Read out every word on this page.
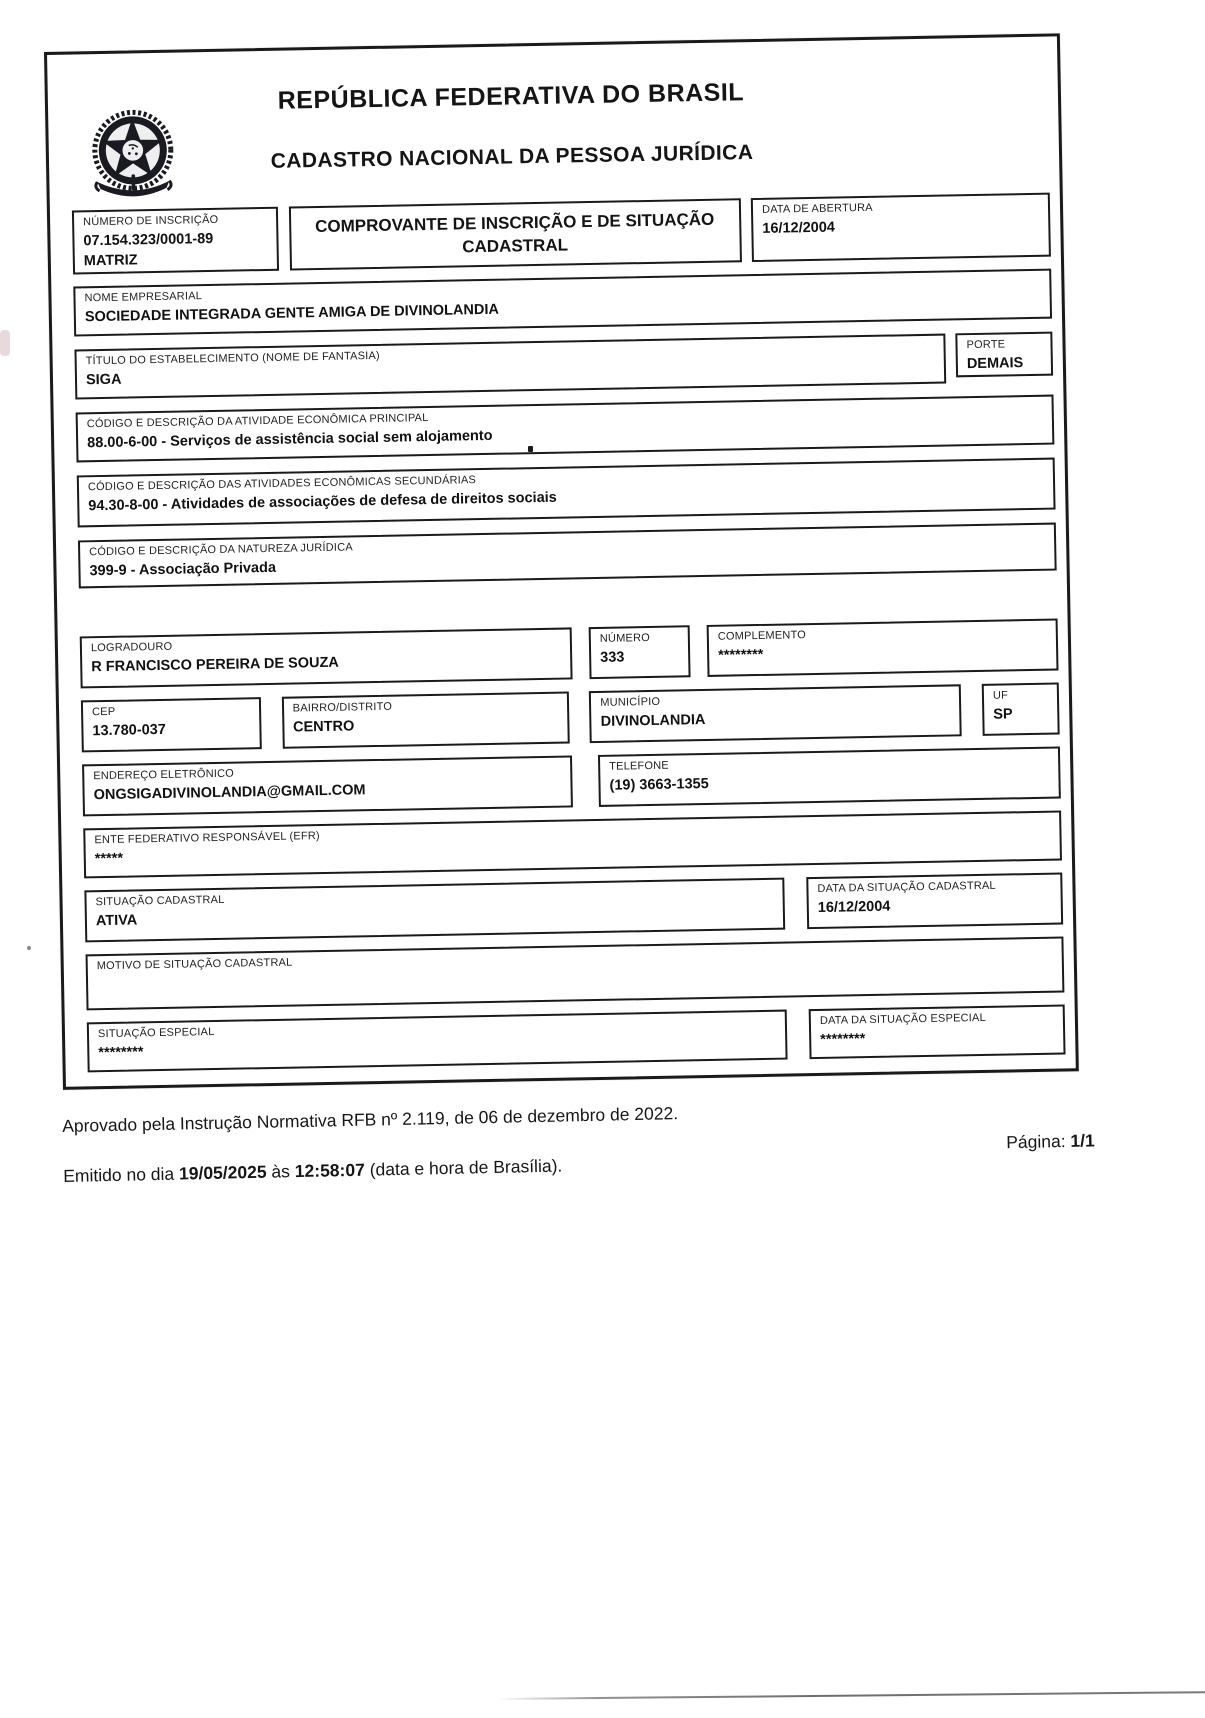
REPÚBLICA FEDERATIVA DO BRASIL
CADASTRO NACIONAL DA PESSOA JURÍDICA
NÚMERO DE INSCRIÇÃO
07.154.323/0001-89
MATRIZ
COMPROVANTE DE INSCRIÇÃO E DE SITUAÇÃO CADASTRAL
DATA DE ABERTURA
16/12/2004
NOME EMPRESARIAL
SOCIEDADE INTEGRADA GENTE AMIGA DE DIVINOLANDIA
TÍTULO DO ESTABELECIMENTO (NOME DE FANTASIA)
SIGA
PORTE
DEMAIS
CÓDIGO E DESCRIÇÃO DA ATIVIDADE ECONÔMICA PRINCIPAL
88.00-6-00 - Serviços de assistência social sem alojamento
CÓDIGO E DESCRIÇÃO DAS ATIVIDADES ECONÔMICAS SECUNDÁRIAS
94.30-8-00 - Atividades de associações de defesa de direitos sociais
CÓDIGO E DESCRIÇÃO DA NATUREZA JURÍDICA
399-9 - Associação Privada
LOGRADOURO
R FRANCISCO PEREIRA DE SOUZA
NÚMERO
333
COMPLEMENTO
********
CEP
13.780-037
BAIRRO/DISTRITO
CENTRO
MUNICÍPIO
DIVINOLANDIA
UF
SP
ENDEREÇO ELETRÔNICO
ONGSIGADIVINOLANDIA@GMAIL.COM
TELEFONE
(19) 3663-1355
ENTE FEDERATIVO RESPONSÁVEL (EFR)
*****
SITUAÇÃO CADASTRAL
ATIVA
DATA DA SITUAÇÃO CADASTRAL
16/12/2004
MOTIVO DE SITUAÇÃO CADASTRAL
SITUAÇÃO ESPECIAL
********
DATA DA SITUAÇÃO ESPECIAL
********
Aprovado pela Instrução Normativa RFB nº 2.119, de 06 de dezembro de 2022.
Emitido no dia 19/05/2025 às 12:58:07 (data e hora de Brasília).
Página: 1/1
